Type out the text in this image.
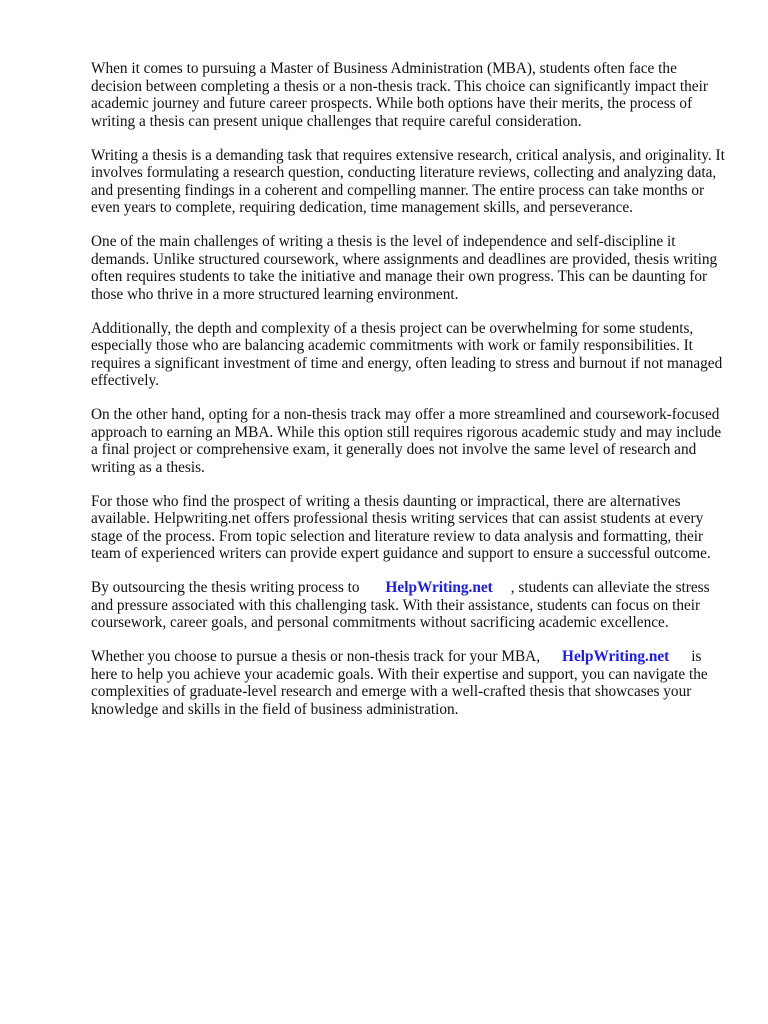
When it comes to pursuing a Master of Business Administration (MBA), students often face the decision between completing a thesis or a non-thesis track. This choice can significantly impact their academic journey and future career prospects. While both options have their merits, the process of writing a thesis can present unique challenges that require careful consideration.

Writing a thesis is a demanding task that requires extensive research, critical analysis, and originality. It involves formulating a research question, conducting literature reviews, collecting and analyzing data, and presenting findings in a coherent and compelling manner. The entire process can take months or even years to complete, requiring dedication, time management skills, and perseverance.

One of the main challenges of writing a thesis is the level of independence and self-discipline it demands. Unlike structured coursework, where assignments and deadlines are provided, thesis writing often requires students to take the initiative and manage their own progress. This can be daunting for those who thrive in a more structured learning environment.

Additionally, the depth and complexity of a thesis project can be overwhelming for some students, especially those who are balancing academic commitments with work or family responsibilities. It requires a significant investment of time and energy, often leading to stress and burnout if not managed effectively.

On the other hand, opting for a non-thesis track may offer a more streamlined and coursework-focused approach to earning an MBA. While this option still requires rigorous academic study and may include a final project or comprehensive exam, it generally does not involve the same level of research and writing as a thesis.

For those who find the prospect of writing a thesis daunting or impractical, there are alternatives available. Helpwriting.net offers professional thesis writing services that can assist students at every stage of the process. From topic selection and literature review to data analysis and formatting, their team of experienced writers can provide expert guidance and support to ensure a successful outcome.

By outsourcing the thesis writing process to HelpWriting.net , students can alleviate the stress and pressure associated with this challenging task. With their assistance, students can focus on their coursework, career goals, and personal commitments without sacrificing academic excellence.

Whether you choose to pursue a thesis or non-thesis track for your MBA, HelpWriting.net is here to help you achieve your academic goals. With their expertise and support, you can navigate the complexities of graduate-level research and emerge with a well-crafted thesis that showcases your knowledge and skills in the field of business administration.
